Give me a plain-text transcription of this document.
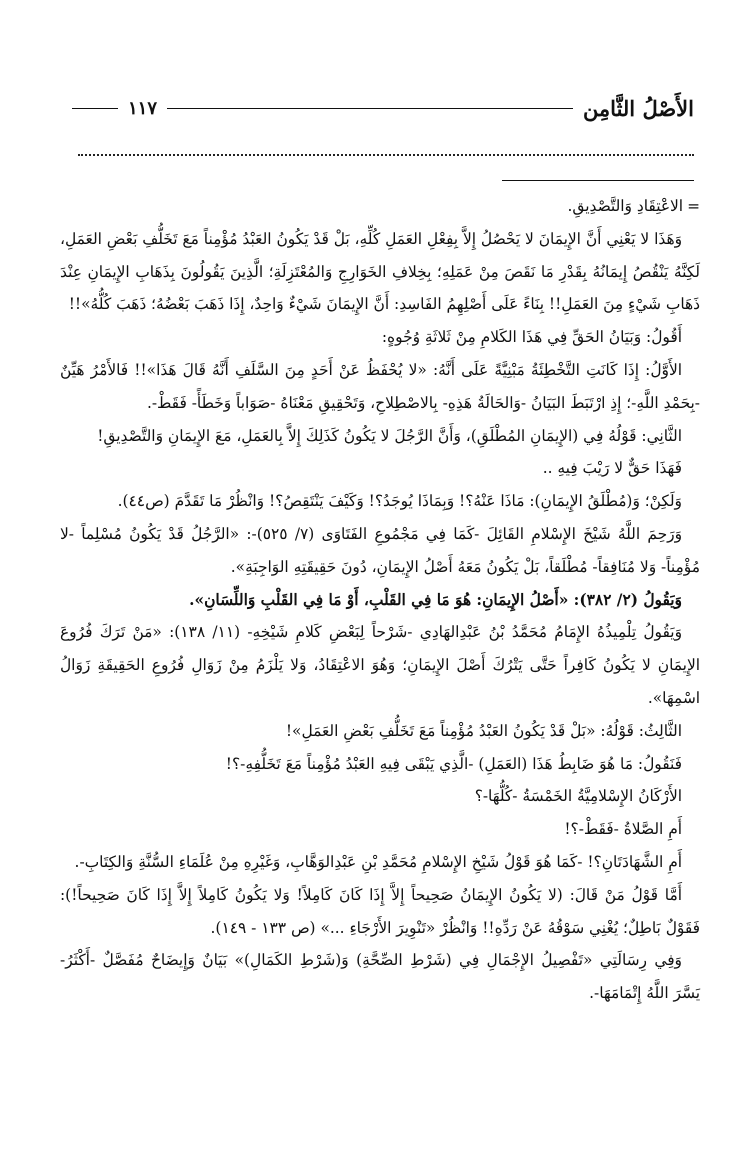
الأَصْلُ الثَّامِن
١١٧

=الاعْتِقَادِ وَالتَّصْدِيقِ.

وَهَذَا لا يَعْنِي أَنَّ الإِيمَانَ لا يَحْصُلُ إِلاَّ بِفِعْلِ العَمَلِ كُلِّهِ، بَلْ قَدْ يَكُونُ العَبْدُ مُؤْمِناً مَعَ تَخَلُّفِ بَعْضِ العَمَلِ، لَكِنَّهُ يَنْقُصُ إِيمَانُهُ بِقَدْرِ مَا نَقَصَ مِنْ عَمَلِهِ؛ بِخِلافِ الخَوَارِجِ وَالمُعْتَزِلَةِ؛ الَّذِينَ يَقُولُونَ بِذَهَابِ الإِيمَانِ عِنْدَ ذَهَابِ شَيْءٍ مِنَ العَمَلِ!! بِنَاءً عَلَى أَصْلِهِمُ الفَاسِدِ: أَنَّ الإِيمَانَ شَيْءٌ وَاحِدٌ، إِذَا ذَهَبَ بَعْضُهُ؛ ذَهَبَ كُلُّهُ»!!

أَقُولُ: وَبَيَانُ الحَقِّ فِي هَذَا الكَلامِ مِنْ ثَلاثَةِ وُجُوهٍ:

الأَوَّلُ: إِذَا كَانَتِ التَّخْطِئَةُ مَبْنِيَّةً عَلَى أَنَّهُ: «لا يُحْفَظُ عَنْ أَحَدٍ مِنَ السَّلَفِ أَنَّهُ قَالَ هَذَا»!! فَالأَمْرُ هَيِّنٌ -بِحَمْدِ اللَّهِ-؛ إِذِ ارْتَبَطَ البَيَانُ -وَالحَالَةُ هَذِهِ- بِالاصْطِلاحِ، وَتَحْقِيقِ مَعْنَاهُ -صَوَاباً وَخَطَأً- فَقَطْ-.

الثَّانِي: قَوْلُهُ فِي (الإِيمَانِ المُطْلَقِ)، وَأَنَّ الرَّجُلَ لا يَكُونُ كَذَلِكَ إِلاَّ بِالعَمَلِ، مَعَ الإِيمَانِ وَالتَّصْدِيقِ!

فَهَذَا حَقٌّ لا رَيْبَ فِيهِ ..

وَلَكِنْ؛ وَ(مُطْلَقُ الإِيمَانِ): مَاذَا عَنْهُ؟! وَبِمَاذَا يُوجَدُ؟! وَكَيْفَ يَنْتَقِصُ؟! وَانْظُرْ مَا تَقَدَّمَ (ص٤٤).

وَرَحِمَ اللَّهُ شَيْخَ الإِسْلامِ القَائِلَ -كَمَا فِي مَجْمُوعِ الفَتَاوَى (٧/ ٥٢٥)-: «الرَّجُلُ قَدْ يَكُونُ مُسْلِماً -لا مُؤْمِناً- وَلا مُنَافِقاً- مُطْلَقاً، بَلْ يَكُونُ مَعَهُ أَصْلُ الإِيمَانِ، دُونَ حَقِيقَتِهِ الوَاجِبَةِ».

وَيَقُولُ (٢/ ٣٨٢): «أَصْلُ الإِيمَانِ: هُوَ مَا فِي القَلْبِ، أَوْ مَا فِي القَلْبِ وَاللِّسَانِ».

وَيَقُولُ تِلْمِيذُهُ الإِمَامُ مُحَمَّدُ بْنُ عَبْدِالهَادِي -شَرْحاً لِبَعْضِ كَلامِ شَيْخِهِ- (١١/ ١٣٨): «مَنْ تَرَكَ فُرُوعَ الإِيمَانِ لا يَكُونُ كَافِراً حَتَّى يَتْرُكَ أَصْلَ الإِيمَانِ؛ وَهُوَ الاعْتِقَادُ، وَلا يَلْزَمُ مِنْ زَوَالِ فُرُوعِ الحَقِيقَةِ زَوَالُ اسْمِهَا».

الثَّالِثُ: قَوْلُهُ: «بَلْ قَدْ يَكُونُ العَبْدُ مُؤْمِناً مَعَ تَخَلُّفِ بَعْضِ العَمَلِ»!

فَنَقُولُ: مَا هُوَ ضَابِطُ هَذَا (العَمَلِ) -الَّذِي يَبْقَى فِيهِ العَبْدُ مُؤْمِناً مَعَ تَخَلُّفِهِ-؟!

الأَرْكَانُ الإِسْلامِيَّةُ الخَمْسَةُ -كُلُّهَا-؟

أَمِ الصَّلاةُ -فَقَطْ-؟!

أَمِ الشَّهَادَتَانِ؟! -كَمَا هُوَ قَوْلُ شَيْخِ الإِسْلامِ مُحَمَّدِ بْنِ عَبْدِالوَهَّابِ، وَغَيْرِهِ مِنْ عُلَمَاءِ السُّنَّةِ وَالكِتَابِ-.

أَمَّا قَوْلُ مَنْ قَالَ: (لا يَكُونُ الإِيمَانُ صَحِيحاً إِلاَّ إِذَا كَانَ كَامِلاً! وَلا يَكُونُ كَامِلاً إِلاَّ إِذَا كَانَ صَحِيحاً!): فَقَوْلٌ بَاطِلٌ؛ يُغْنِي سَوْقُهُ عَنْ رَدِّهِ!! وَانْظُرْ «تَنْوِيرَ الأَرْجَاءِ ...» (ص ١٣٣ - ١٤٩).

وَفِي رِسَالَتِي «تَفْصِيلُ الإِجْمَالِ فِي (شَرْطِ الصِّحَّةِ) وَ(شَرْطِ الكَمَالِ)» بَيَانٌ وَإِيضَاحٌ مُفَصَّلٌ -أَكْثَرُ- يَسَّرَ اللَّهُ إِتْمَامَهَا-.
